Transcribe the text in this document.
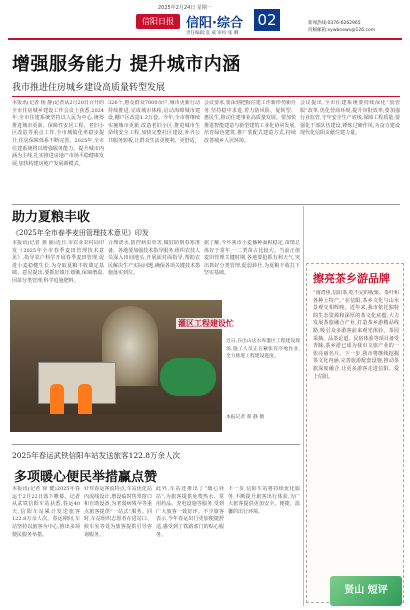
2025年2月24日 星期一
信阳日报 信阳·综合 02
责任编辑:袁 威 审校:张 卿
新闻热线:0376-6262965
投稿邮箱:xywbnews@126.com
增强服务能力 提升城市内涵
我市推进住房城乡建设高质量转型发展
本报讯(记者 杨 静)记者从2月20日召开的全市住房城乡建设工作会议上获悉,2024年,全市住建系统坚持以人民为中心,统筹推进城市更新、保障性安居工程、老旧小区改造等重点工作,全市城镇化率稳步提升,住房保障体系不断完善。2025年,全市住建系统将以增强服务能力、提升城市内涵为主线,扎实推进房地产市场平稳健康发展,加快构建房地产发展新模式。
326个,惠及群众7000余户,城市更新行动持续推进,完成城市体检,启动海绵城市建设,棚户区改造1.2万套。今年,全市将继续实施城市更新,改造老旧小区,推进城市生命线安全工程,加快完整社区建设,补齐公共服务短板,让群众生活更便利、更舒适。
会议要求,要深刻把握住建工作新形势新任务,坚持稳中求进,着力防风险、促转型、惠民生,推动住建事业高质量发展。要加快推进智能建造与新型建筑工业化协同发展,培育绿色建筑,推广装配式建造方式,持续改善城乡人居环境。
会议提出,全市住建系统要持续深化“放管服”改革,优化营商环境,提升审批效率;要加强行业监管,守牢安全生产底线,保障工程质量;要强化干部队伍建设,锤炼过硬作风,为奋力建设现代化信阳贡献住建力量。
助力夏粮丰收
《2025年全市春季麦田管理技术意见》印发
本报讯(记者 龚 丽)近日,市农业农村局印发《2025年全市春季麦田管理技术意见》,指导农户科学开展春季麦田管理,促进小麦稳健生长,为夺取夏粮丰收奠定基础。意见提出,要抓好镇压划锄,保墒增温,因苗分类管理,科学追施肥料。
合理浇水,防控病虫草害,做好防倒春寒准备。各地要加强技术指导服务,组织农技人员深入田间地头,开展面对面指导,帮助农民解决生产实际问题,确保各项关键技术措施落实到位。
据了解,今年我市小麦播种面积稳定,苗情总体好于常年,一二类苗占比较大。当前正值麦田管理关键时期,各地要抢抓有利天气,突出抓好分类管理,促弱转壮,为夏粮丰收打下坚实基础。
灌区工程建设忙
近日,在出山店水库灌区工程建设现场,施工人员正在紧张有序地作业,全力推进工程建设进度。
本报记者 蔡 静 摄
擦亮茶乡游品牌
“南湾鱼,信阳茶,吃不完的板栗、茶叶和各种土特产。”在信阳,茶乡文化与山水景观交相辉映。近年来,我市依托独特的生态资源和深厚的茶文化底蕴,大力发展茶旅融合产业,打造茶乡游精品线路,吸引众多游客前来观光体验。茶园采摘、品茶论道、民宿体验等项目备受青睐,茶乡游已成为我市文旅产业的一张亮丽名片。下一步,我市将继续挖掘茶文化内涵,完善旅游配套设施,推动茶旅深度融合,让更多游客走进信阳、爱上信阳。
贤山 短评
2025年春运武铁信阳车站发送旅客122.8万余人次
多项暖心便民举措赢点赞
本报讯(记者 徐 健)2025年春运于2月22日落下帷幕。记者从武铁信阳车站获悉,春运40天,信阳车站累计发送旅客122.8万余人次。春运期间,车站坚持以旅客为中心,推出多项便民服务举措。
针对春运客流特点,车站优化站内流线设计,增设临时售票窗口和自助设备,为老弱病残孕等重点旅客提供“一站式”服务。同时,车站组织志愿者在进站口、候车室等处为旅客提供引导咨询服务。
此外,车站还推出了“暖心驿站”,为旅客提供免费热水、常用药品、充电设施等服务,受到广大旅客一致好评。不少旅客表示,今年春运出行更加便捷舒适,感受到了铁路部门的贴心服务。
下一步,信阳车站将持续优化服务,不断提升旅客出行体验,为广大旅客提供更加安全、便捷、温馨的出行环境。
